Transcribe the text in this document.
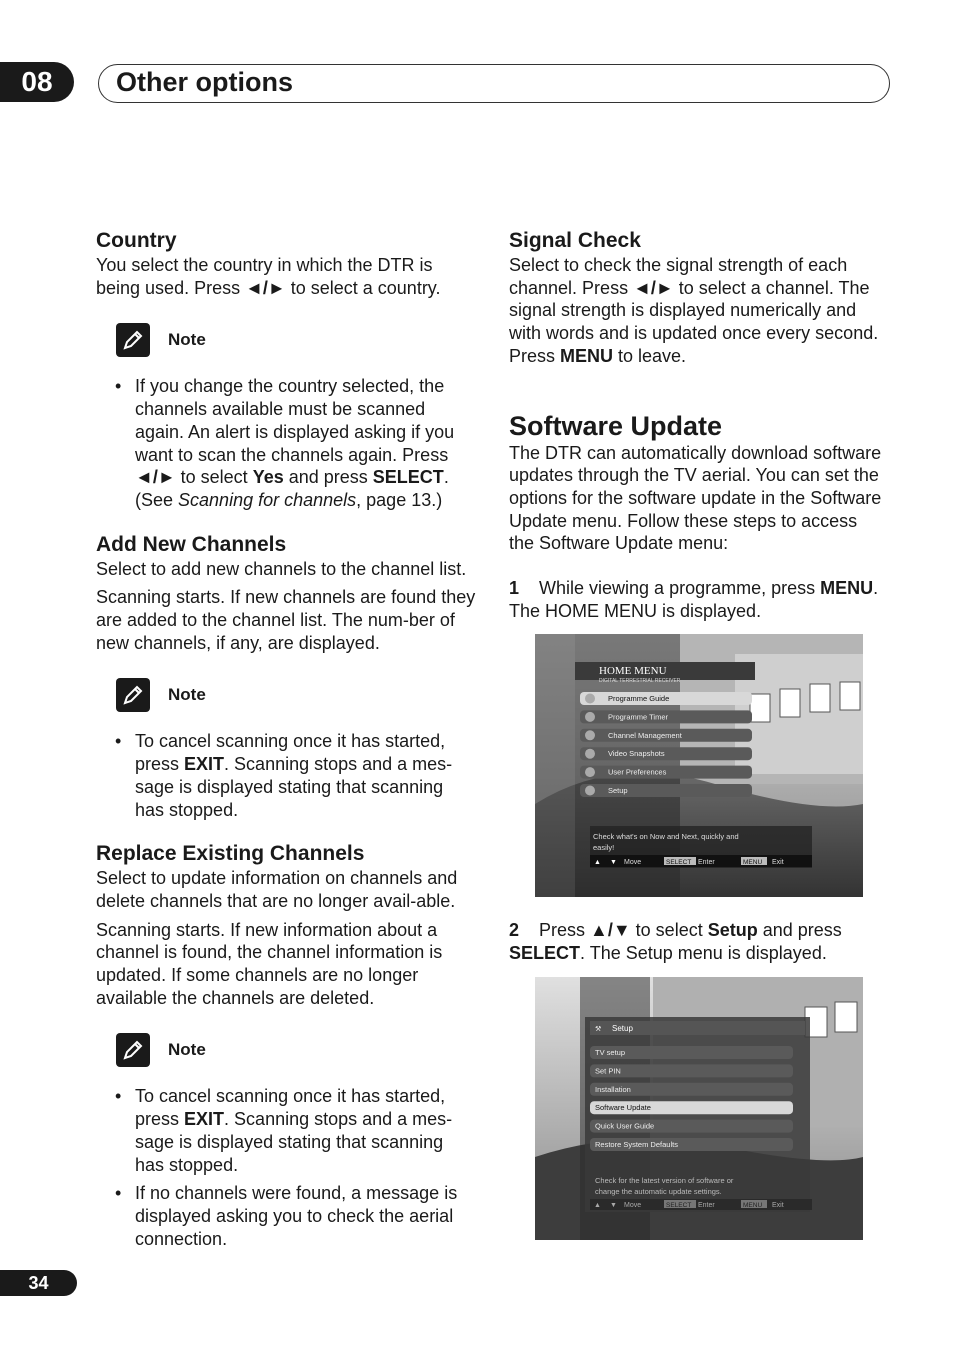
08	Other options
Country

You select the country in which the DTR is being used. Press ◄/► to select a country.

Note
• If you change the country selected, the channels available must be scanned again. An alert is displayed asking if you want to scan the channels again. Press ◄/► to select Yes and press SELECT. (See Scanning for channels, page 13.)
Add New Channels

Select to add new channels to the channel list.

Scanning starts. If new channels are found they are added to the channel list. The num-ber of new channels, if any, are displayed.

Note
• To cancel scanning once it has started, press EXIT. Scanning stops and a mes-sage is displayed stating that scanning has stopped.
Replace Existing Channels

Select to update information on channels and delete channels that are no longer avail-able.

Scanning starts. If new information about a channel is found, the channel information is updated. If some channels are no longer available the channels are deleted.

Note
• To cancel scanning once it has started, press EXIT. Scanning stops and a mes-sage is displayed stating that scanning has stopped.
• If no channels were found, a message is displayed asking you to check the aerial connection.
Signal Check

Select to check the signal strength of each channel. Press ◄/► to select a channel. The signal strength is displayed numerically and with words and is updated once every second. Press MENU to leave.

Software Update

The DTR can automatically download software updates through the TV aerial. You can set the options for the software update in the Software Update menu. Follow these steps to access the Software Update menu:

1    While viewing a programme, press MENU. The HOME MENU is displayed.

HOME MENU
DIGITAL TERRESTRIAL RECEIVER
Programme Guide
Programme Timer
Channel Management
Video Snapshots
User Preferences
Setup
Check what's on Now and Next, quickly and
easily!
▲ ▼ Move	SELECT Enter	MENU Exit

2    Press ▲/▼ to select Setup and press SELECT. The Setup menu is displayed.

⚒ Setup
TV setup
Set PIN
Installation
Software Update
Quick User Guide
Restore System Defaults
Check for the latest version of software or
change the automatic update settings.
▲ ▼ Move	SELECT Enter	MENU Exit
34
